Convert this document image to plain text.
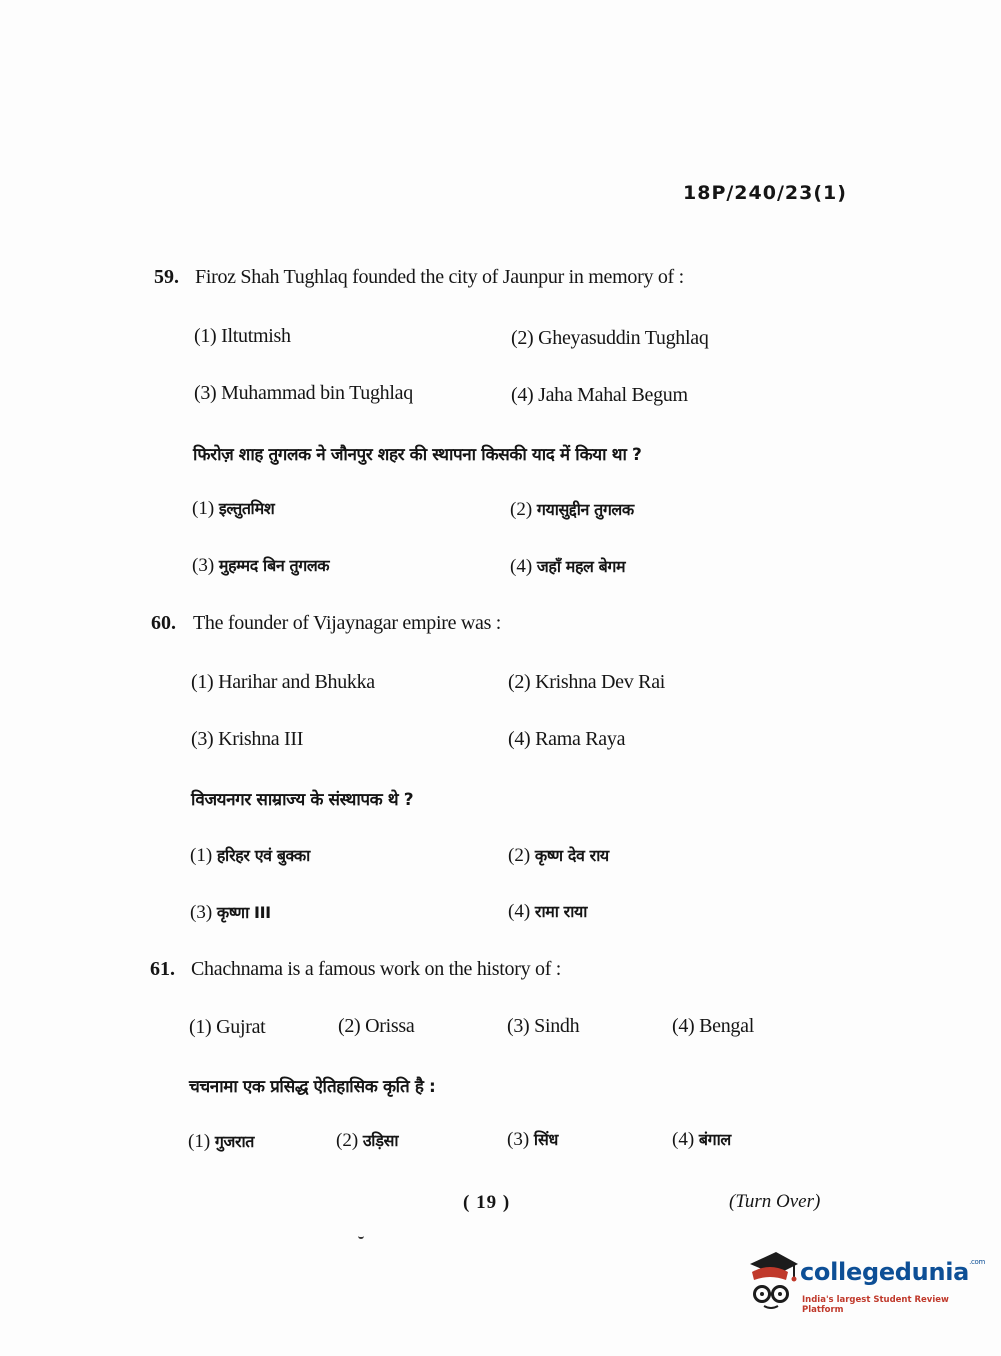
18P/240/23(1)
59. Firoz Shah Tughlaq founded the city of Jaunpur in memory of :
(1) Iltutmish	(2) Gheyasuddin Tughlaq
(3) Muhammad bin Tughlaq	(4) Jaha Mahal Begum
फिरोज़ शाह तुगलक ने जौनपुर शहर की स्थापना किसकी याद में किया था ?
(1) इल्तुतमिश	(2) गयासुद्दीन तुगलक
(3) मुहम्मद बिन तुगलक	(4) जहाँ महल बेगम
60. The founder of Vijaynagar empire was :
(1) Harihar and Bhukka	(2) Krishna Dev Rai
(3) Krishna III	(4) Rama Raya
विजयनगर साम्राज्य के संस्थापक थे ?
(1) हरिहर एवं बुक्का	(2) कृष्ण देव राय
(3) कृष्णा III	(4) रामा राया
61. Chachnama is a famous work on the history of :
(1) Gujrat	(2) Orissa	(3) Sindh	(4) Bengal
चचनामा एक प्रसिद्ध ऐतिहासिक कृति है :
(1) गुजरात	(2) उड़िसा	(3) सिंध	(4) बंगाल
( 19 )	(Turn Over)
collegedunia$^{.com}$
India's largest Student Review Platform
